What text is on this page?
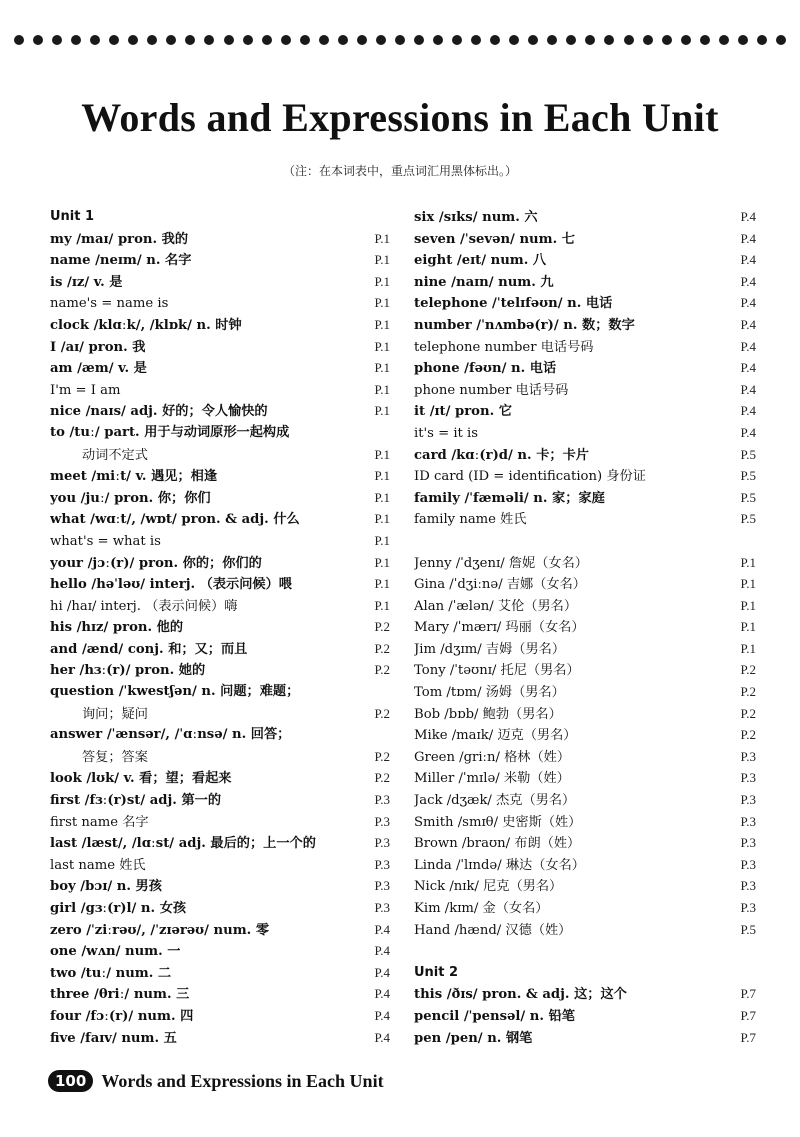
Words and Expressions in Each Unit
（注：在本词表中，重点词汇用黑体标出。）
Unit 1
my /maɪ/ pron. 我的	P.1
name /neɪm/ n. 名字	P.1
is /ɪz/ v. 是	P.1
name's = name is	P.1
clock /klɑːk/, /klɒk/ n. 时钟	P.1
I /aɪ/ pron. 我	P.1
am /æm/ v. 是	P.1
I'm = I am	P.1
nice /naɪs/ adj. 好的；令人愉快的	P.1
to /tuː/ part. 用于与动词原形一起构成
动词不定式	P.1
meet /miːt/ v. 遇见；相逢	P.1
you /juː/ pron. 你；你们	P.1
what /wɑːt/, /wɒt/ pron. & adj. 什么	P.1
what's = what is	P.1
your /jɔː(r)/ pron. 你的；你们的	P.1
hello /həˈləʊ/ interj. （表示问候）喂	P.1
hi /haɪ/ interj. （表示问候）嗨	P.1
his /hɪz/ pron. 他的	P.2
and /ænd/ conj. 和；又；而且	P.2
her /hɜː(r)/ pron. 她的	P.2
question /ˈkwestʃən/ n. 问题；难题；
询问；疑问	P.2
answer /ˈænsər/, /ˈɑːnsə/ n. 回答；
答复；答案	P.2
look /lʊk/ v. 看；望；看起来	P.2
first /fɜː(r)st/ adj. 第一的	P.3
first name 名字	P.3
last /læst/, /lɑːst/ adj. 最后的；上一个的	P.3
last name 姓氏	P.3
boy /bɔɪ/ n. 男孩	P.3
girl /gɜː(r)l/ n. 女孩	P.3
zero /ˈziːrəʊ/, /ˈzɪərəʊ/ num. 零	P.4
one /wʌn/ num. 一	P.4
two /tuː/ num. 二	P.4
three /θriː/ num. 三	P.4
four /fɔː(r)/ num. 四	P.4
five /faɪv/ num. 五	P.4
six /sɪks/ num. 六	P.4
seven /ˈsevən/ num. 七	P.4
eight /eɪt/ num. 八	P.4
nine /naɪn/ num. 九	P.4
telephone /ˈtelɪfəʊn/ n. 电话	P.4
number /ˈnʌmbə(r)/ n. 数；数字	P.4
telephone number 电话号码	P.4
phone /fəʊn/ n. 电话	P.4
phone number 电话号码	P.4
it /ɪt/ pron. 它	P.4
it's = it is	P.4
card /kɑː(r)d/ n. 卡；卡片	P.5
ID card (ID = identification) 身份证	P.5
family /ˈfæməli/ n. 家；家庭	P.5
family name 姓氏	P.5
Jenny /ˈdʒenɪ/ 詹妮（女名）	P.1
Gina /ˈdʒiːnə/ 吉娜（女名）	P.1
Alan /ˈælən/ 艾伦（男名）	P.1
Mary /ˈmærɪ/ 玛丽（女名）	P.1
Jim /dʒɪm/ 吉姆（男名）	P.1
Tony /ˈtəʊnɪ/ 托尼（男名）	P.2
Tom /tɒm/ 汤姆（男名）	P.2
Bob /bɒb/ 鲍勃（男名）	P.2
Mike /maɪk/ 迈克（男名）	P.2
Green /griːn/ 格林（姓）	P.3
Miller /ˈmɪlə/ 米勒（姓）	P.3
Jack /dʒæk/ 杰克（男名）	P.3
Smith /smɪθ/ 史密斯（姓）	P.3
Brown /braʊn/ 布朗（姓）	P.3
Linda /ˈlɪndə/ 琳达（女名）	P.3
Nick /nɪk/ 尼克（男名）	P.3
Kim /kɪm/ 金（女名）	P.3
Hand /hænd/ 汉德（姓）	P.5
Unit 2
this /ðɪs/ pron. & adj. 这；这个	P.7
pencil /ˈpensəl/ n. 铅笔	P.7
pen /pen/ n. 钢笔	P.7
100 Words and Expressions in Each Unit
